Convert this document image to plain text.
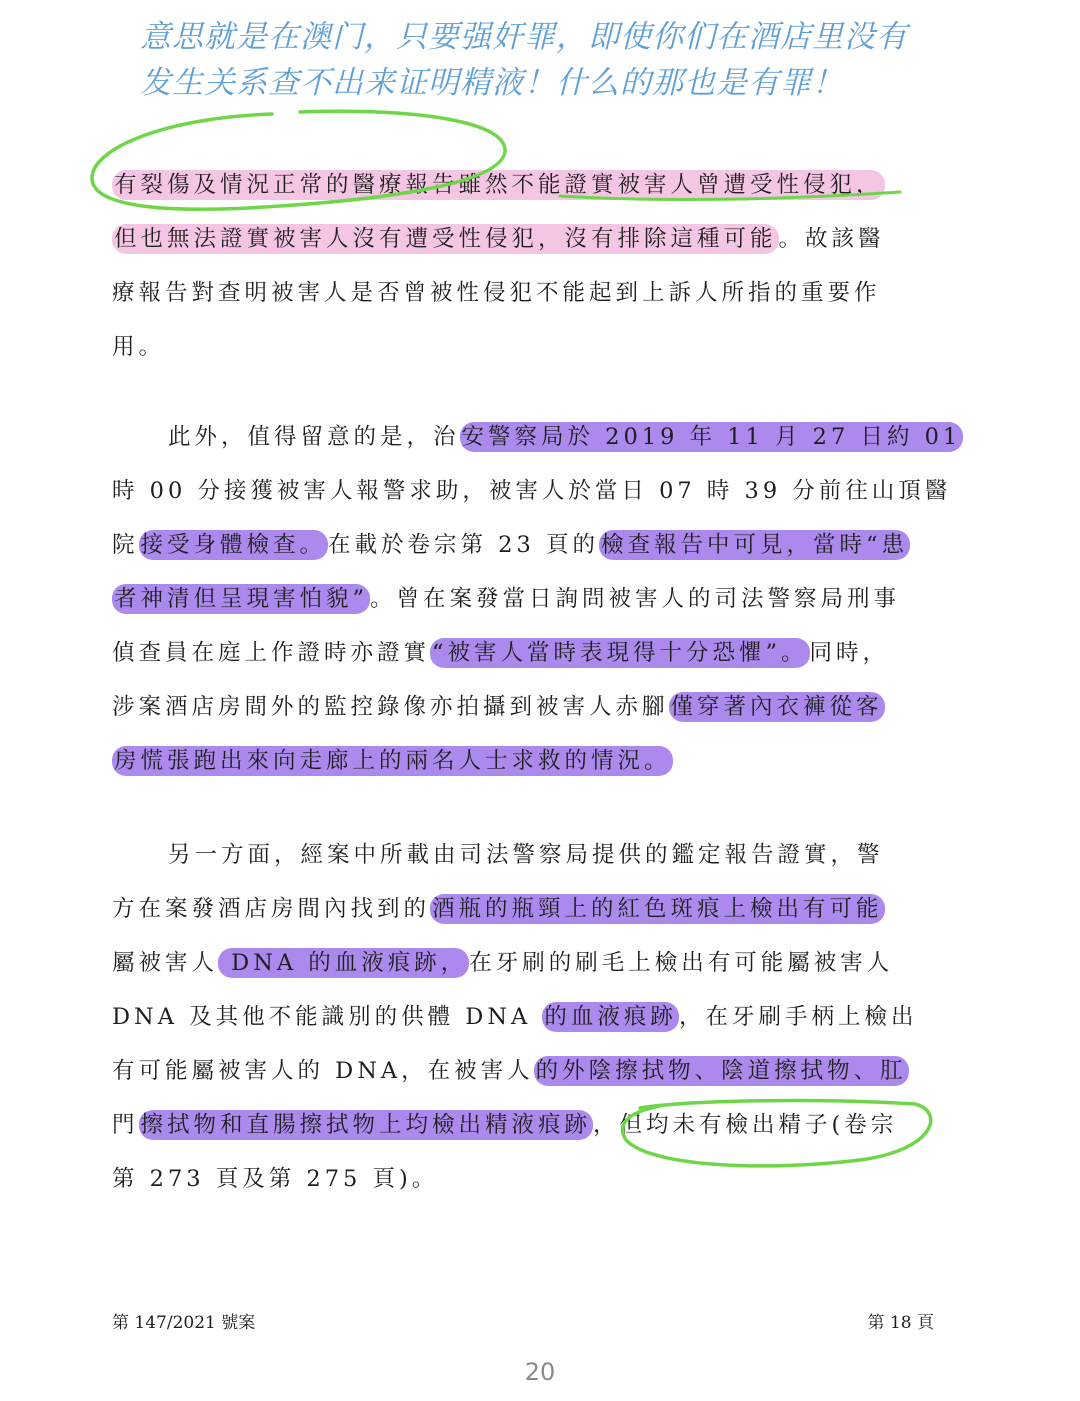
意思就是在澳门，只要强奸罪，即使你们在酒店里没有
发生关系查不出来证明精液！什么的那也是有罪！

有裂傷及情況正常的醫療報告雖然不能證實被害人曾遭受性侵犯，
但也無法證實被害人沒有遭受性侵犯，沒有排除這種可能。故該醫
療報告對查明被害人是否曾被性侵犯不能起到上訴人所指的重要作
用。
此外，值得留意的是，治安警察局於 2019 年 11 月 27 日約 01
時 00 分接獲被害人報警求助，被害人於當日 07 時 39 分前往山頂醫
院接受身體檢查。在載於卷宗第 23 頁的檢查報告中可見，當時“患
者神清但呈現害怕貌”。曾在案發當日詢問被害人的司法警察局刑事
偵查員在庭上作證時亦證實“被害人當時表現得十分恐懼”。同時，
涉案酒店房間外的監控錄像亦拍攝到被害人赤腳僅穿著內衣褲從客
房慌張跑出來向走廊上的兩名人士求救的情況。
另一方面，經案中所載由司法警察局提供的鑑定報告證實，警
方在案發酒店房間內找到的酒瓶的瓶頸上的紅色斑痕上檢出有可能
屬被害人 DNA 的血液痕跡，在牙刷的刷毛上檢出有可能屬被害人
DNA 及其他不能識別的供體 DNA 的血液痕跡，在牙刷手柄上檢出
有可能屬被害人的 DNA，在被害人的外陰擦拭物、陰道擦拭物、肛
門擦拭物和直腸擦拭物上均檢出精液痕跡，但均未有檢出精子(卷宗
第 273 頁及第 275 頁)。

第 147/2021 號案	第 18 頁

20
